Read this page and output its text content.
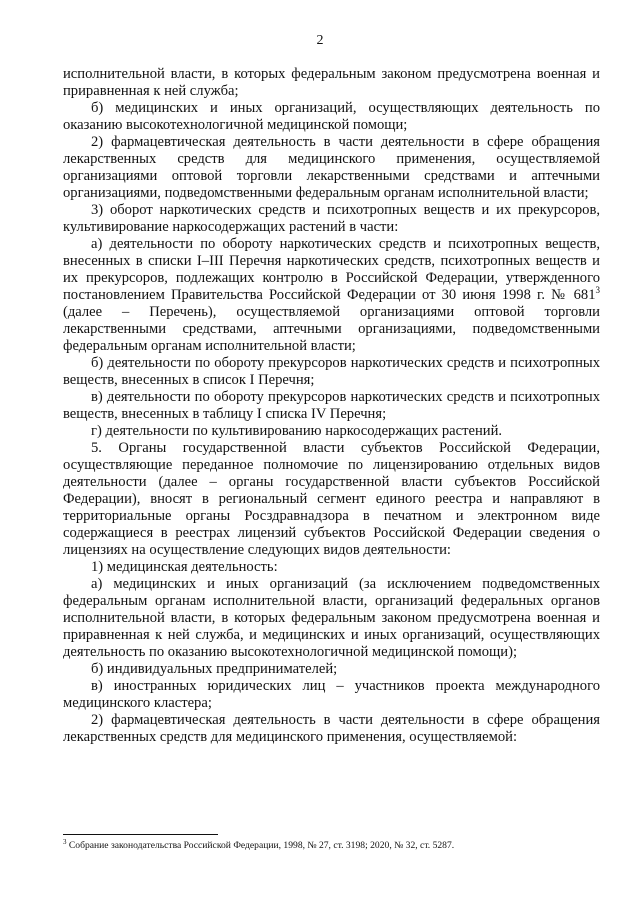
2

исполнительной власти, в которых федеральным законом предусмотрена военная и приравненная к ней служба;

б) медицинских и иных организаций, осуществляющих деятельность по оказанию высокотехнологичной медицинской помощи;

2) фармацевтическая деятельность в части деятельности в сфере обращения лекарственных средств для медицинского применения, осуществляемой организациями оптовой торговли лекарственными средствами и аптечными организациями, подведомственными федеральным органам исполнительной власти;

3) оборот наркотических средств и психотропных веществ и их прекурсоров, культивирование наркосодержащих растений в части:

а) деятельности по обороту наркотических средств и психотропных веществ, внесенных в списки I–III Перечня наркотических средств, психотропных веществ и их прекурсоров, подлежащих контролю в Российской Федерации, утвержденного постановлением Правительства Российской Федерации от 30 июня 1998 г. № $681^3$ (далее – Перечень), осуществляемой организациями оптовой торговли лекарственными средствами, аптечными организациями, подведомственными федеральным органам исполнительной власти;

б) деятельности по обороту прекурсоров наркотических средств и психотропных веществ, внесенных в список I Перечня;

в) деятельности по обороту прекурсоров наркотических средств и психотропных веществ, внесенных в таблицу I списка IV Перечня;

г) деятельности по культивированию наркосодержащих растений.

5. Органы государственной власти субъектов Российской Федерации, осуществляющие переданное полномочие по лицензированию отдельных видов деятельности (далее – органы государственной власти субъектов Российской Федерации), вносят в региональный сегмент единого реестра и направляют в территориальные органы Росздравнадзора в печатном и электронном виде содержащиеся в реестрах лицензий субъектов Российской Федерации сведения о лицензиях на осуществление следующих видов деятельности:

1) медицинская деятельность:

а) медицинских и иных организаций (за исключением подведомственных федеральным органам исполнительной власти, организаций федеральных органов исполнительной власти, в которых федеральным законом предусмотрена военная и приравненная к ней служба, и медицинских и иных организаций, осуществляющих деятельность по оказанию высокотехнологичной медицинской помощи);

б) индивидуальных предпринимателей;

в) иностранных юридических лиц – участников проекта международного медицинского кластера;

2) фармацевтическая деятельность в части деятельности в сфере обращения лекарственных средств для медицинского применения, осуществляемой:

$^3$ Собрание законодательства Российской Федерации, 1998, № 27, ст. 3198; 2020, № 32, ст. 5287.
